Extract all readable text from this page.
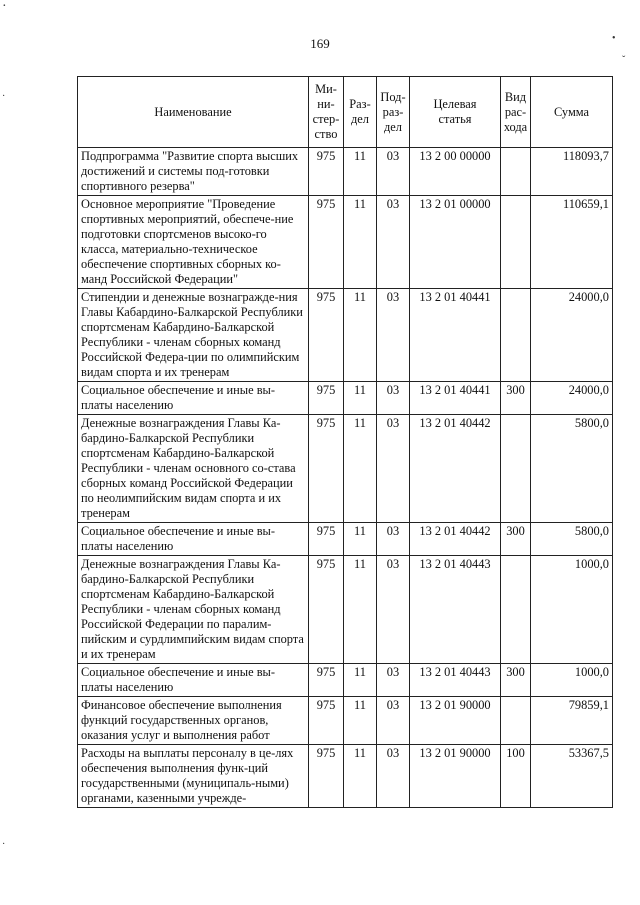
169	•
ˇ
·
·
·
Наименование	Ми-
ни-
стер-
ство	Раз-
дел	Под-
раз-
дел	Целевая
статья	Вид
рас-
хода	Сумма
Подпрограмма "Развитие спорта высших достижений и системы под-готовки спортивного резерва"	975	11	03	13 2 00 00000		118093,7
Основное мероприятие "Проведение спортивных мероприятий, обеспече-ние подготовки спортсменов высоко-го класса, материально-техническое обеспечение спортивных сборных ко-манд Российской Федерации"	975	11	03	13 2 01 00000		110659,1
Стипендии и денежные вознагражде-ния Главы Кабардино-Балкарской Республики спортсменам Кабардино-Балкарской Республики - членам сборных команд Российской Федера-ции по олимпийским видам спорта и их тренерам	975	11	03	13 2 01 40441		24000,0
Социальное обеспечение и иные вы-платы населению	975	11	03	13 2 01 40441	300	24000,0
Денежные вознаграждения Главы Ка-бардино-Балкарской Республики спортсменам Кабардино-Балкарской Республики - членам основного со-става сборных команд Российской Федерации по неолимпийским видам спорта и их тренерам	975	11	03	13 2 01 40442		5800,0
Социальное обеспечение и иные вы-платы населению	975	11	03	13 2 01 40442	300	5800,0
Денежные вознаграждения Главы Ка-бардино-Балкарской Республики спортсменам Кабардино-Балкарской Республики - членам сборных команд Российской Федерации по паралим-пийским и сурдлимпийским видам спорта и их тренерам	975	11	03	13 2 01 40443		1000,0
Социальное обеспечение и иные вы-платы населению	975	11	03	13 2 01 40443	300	1000,0
Финансовое обеспечение выполнения функций государственных органов, оказания услуг и выполнения работ	975	11	03	13 2 01 90000		79859,1
Расходы на выплаты персоналу в це-лях обеспечения выполнения функ-ций государственными (муниципаль-ными) органами, казенными учрежде-	975	11	03	13 2 01 90000	100	53367,5
